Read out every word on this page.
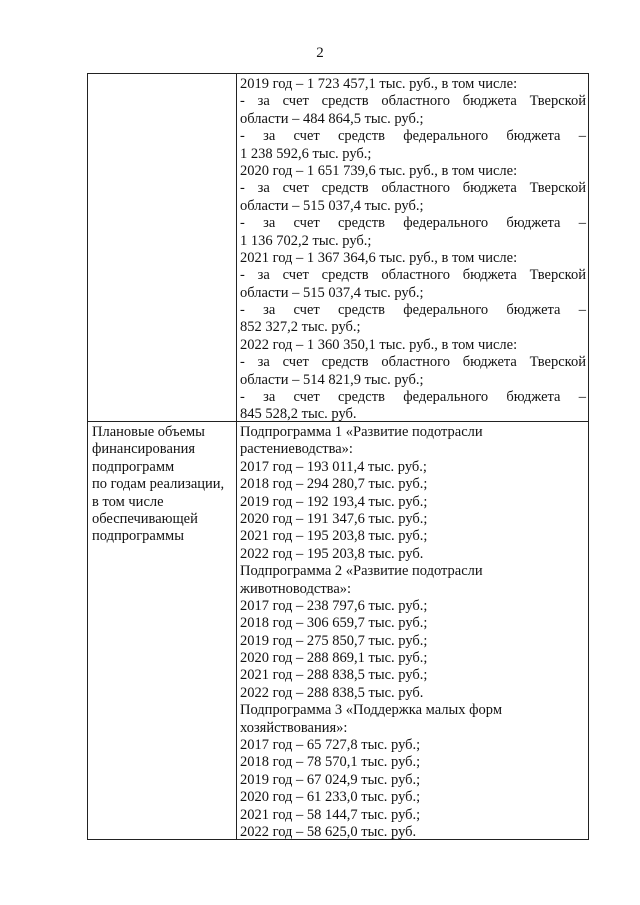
2
2019 год – 1 723 457,1 тыс. руб., в том числе:
- за счет средств областного бюджета Тверской
области – 484 864,5 тыс. руб.;
- за счет средств федерального бюджета –
1 238 592,6 тыс. руб.;
2020 год – 1 651 739,6 тыс. руб., в том числе:
- за счет средств областного бюджета Тверской
области – 515 037,4 тыс. руб.;
- за счет средств федерального бюджета –
1 136 702,2 тыс. руб.;
2021 год – 1 367 364,6 тыс. руб., в том числе:
- за счет средств областного бюджета Тверской
области – 515 037,4 тыс. руб.;
- за счет средств федерального бюджета –
852 327,2 тыс. руб.;
2022 год – 1 360 350,1 тыс. руб., в том числе:
- за счет средств областного бюджета Тверской
области – 514 821,9 тыс. руб.;
- за счет средств федерального бюджета –
845 528,2 тыс. руб.
Плановые объемы
финансирования
подпрограмм
по годам реализации,
в том числе
обеспечивающей
подпрограммы
Подпрограмма 1 «Развитие подотрасли
растениеводства»:
2017 год – 193 011,4 тыс. руб.;
2018 год – 294 280,7 тыс. руб.;
2019 год – 192 193,4 тыс. руб.;
2020 год – 191 347,6 тыс. руб.;
2021 год – 195 203,8 тыс. руб.;
2022 год – 195 203,8 тыс. руб.
Подпрограмма 2 «Развитие подотрасли
животноводства»:
2017 год – 238 797,6 тыс. руб.;
2018 год – 306 659,7 тыс. руб.;
2019 год – 275 850,7 тыс. руб.;
2020 год – 288 869,1 тыс. руб.;
2021 год – 288 838,5 тыс. руб.;
2022 год – 288 838,5 тыс. руб.
Подпрограмма 3 «Поддержка малых форм
хозяйствования»:
2017 год – 65 727,8 тыс. руб.;
2018 год – 78 570,1 тыс. руб.;
2019 год – 67 024,9 тыс. руб.;
2020 год – 61 233,0 тыс. руб.;
2021 год – 58 144,7 тыс. руб.;
2022 год – 58 625,0 тыс. руб.
